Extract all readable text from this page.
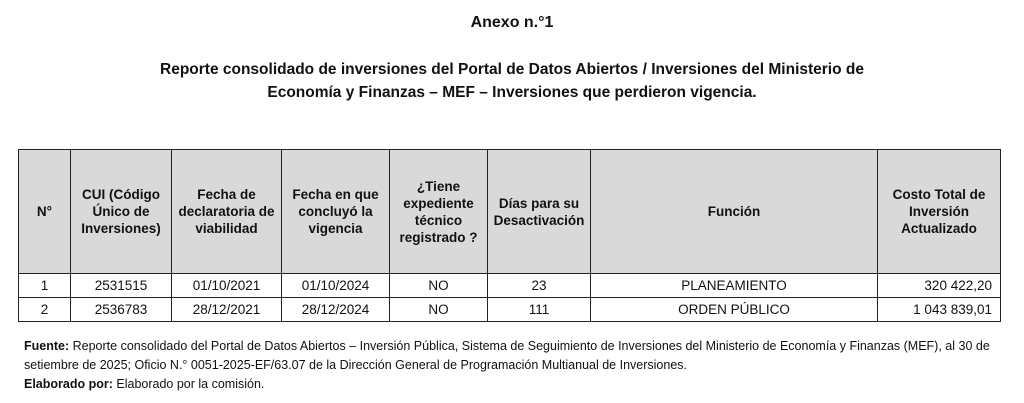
Anexo n.°1
Reporte consolidado de inversiones del Portal de Datos Abiertos / Inversiones del Ministerio de
Economía y Finanzas – MEF – Inversiones que perdieron vigencia.
N°	CUI (Código Único de Inversiones)	Fecha de declaratoria de viabilidad	Fecha en que concluyó la vigencia	¿Tiene expediente técnico registrado ?	Días para su Desactivación	Función	Costo Total de Inversión Actualizado
1	2531515	01/10/2021	01/10/2024	NO	23	PLANEAMIENTO	320 422,20
2	2536783	28/12/2021	28/12/2024	NO	111	ORDEN PÚBLICO	1 043 839,01
Fuente: Reporte consolidado del Portal de Datos Abiertos – Inversión Pública, Sistema de Seguimiento de Inversiones del Ministerio de Economía y Finanzas (MEF), al 30 de setiembre de 2025; Oficio N.° 0051-2025-EF/63.07 de la Dirección General de Programación Multianual de Inversiones.
Elaborado por: Elaborado por la comisión.
